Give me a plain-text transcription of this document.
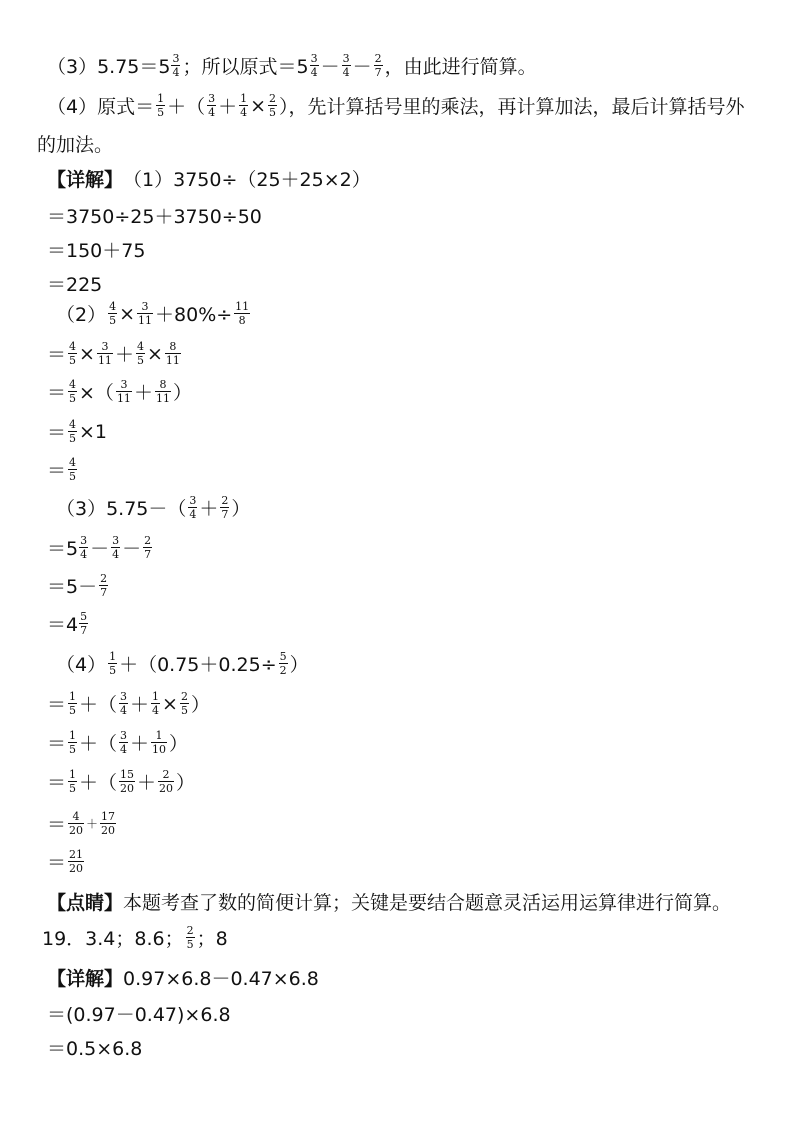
$(3)5.75=5 \frac{3}{4}$ ；所以原式$=5 \frac{3}{4} - \frac{3}{4} - \frac{2}{7}$ ，由此进行简算。
（4）原式＝ $\frac{1}{5}$ ＋（ $\frac{3}{4} + \frac{1}{4} \times \frac{2}{5}$ ），先计算括号里的乘法，再计算加法，最后计算括号外
的加法。
【详解】 （1）3750÷（25＋25×2）
＝3750÷25＋3750÷50
＝150＋75
＝225
$(2) \frac{4}{5} \times \frac{3}{11} +80\%\div \frac{11}{8}$
＝ $\frac{4}{5} \times \frac{3}{11} + \frac{4}{5} \times \frac{8}{11}$
＝ $\frac{4}{5}$ ×（ $\frac{3}{11} + \frac{8}{11}$ ）
＝ $\frac{4}{5} \times 1$
＝ $\frac{4}{5}$
$(3)5.75-( \frac{3}{4} + \frac{2}{7}$ ）
$=5 \frac{3}{4} - \frac{3}{4} - \frac{2}{7}$
$=5- \frac{2}{7}$
$=4 \frac{5}{7}$
$(4) \frac{1}{5} +(0.75+0.25\div \frac{5}{2}$ ）
＝ $\frac{1}{5}$ ＋（ $\frac{3}{4} + \frac{1}{4} \times \frac{2}{5}$ ）
＝ $\frac{1}{5}$ ＋（ $\frac{3}{4} + \frac{1}{10}$ ）
＝ $\frac{1}{5}$ ＋（ $\frac{15}{20} + \frac{2}{20}$ ）
＝ $\frac{4}{20} + \frac{17}{20}$
＝ $\frac{21}{20}$
【点睛】 本题考查了数的简便计算；关键是要结合题意灵活运用运算律进行简算。
19．3.4；8.6； $\frac{2}{5}$ ；8
【详解】 0.97×6.8－0.47×6.8
＝(0.97－0.47)×6.8
＝0.5×6.8
